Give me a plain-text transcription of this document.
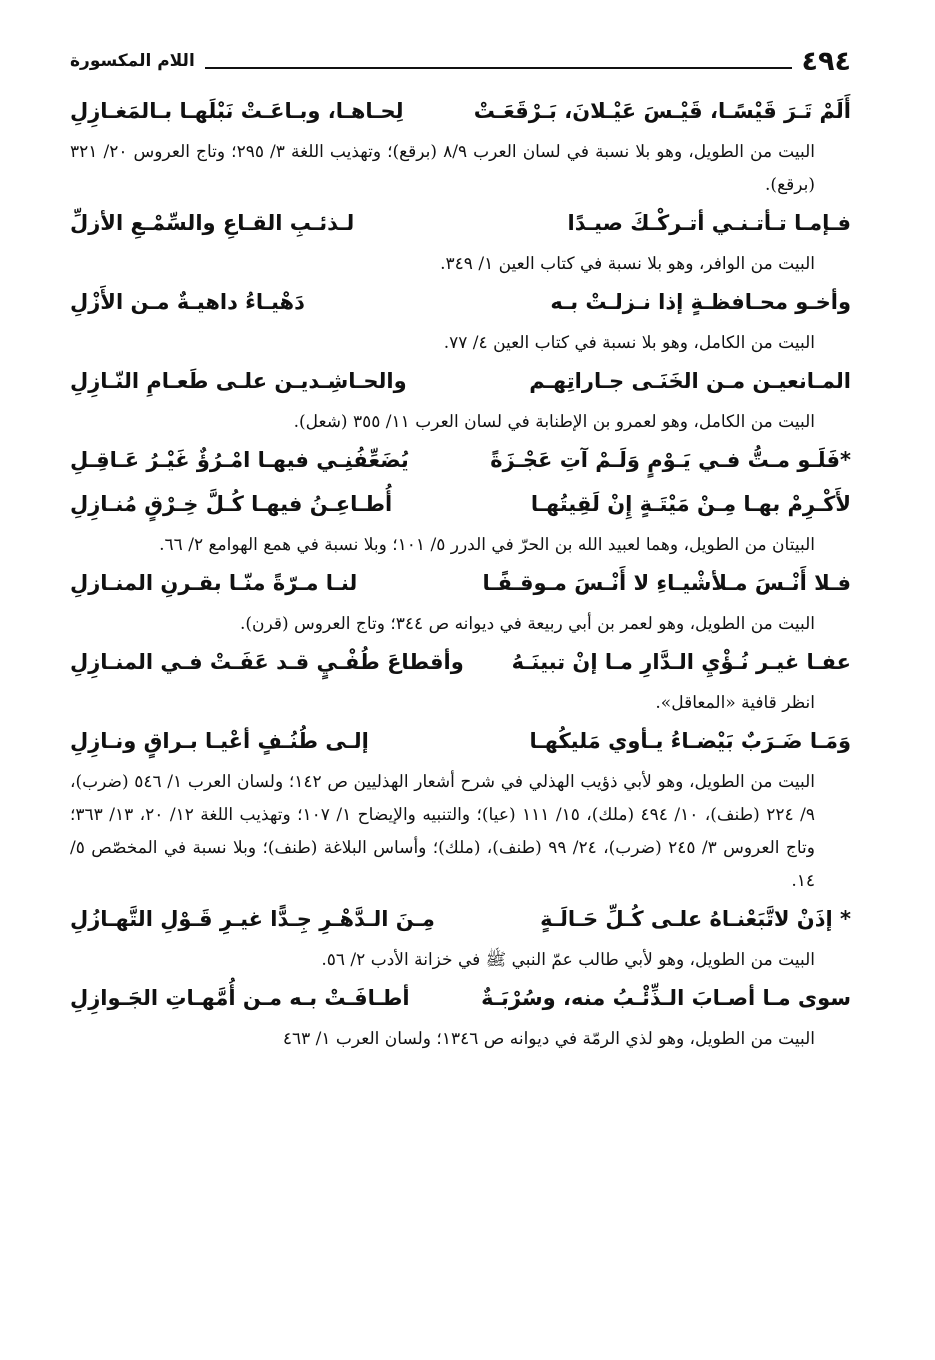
٤٩٤
اللام المكسورة
أَلَمْ تَـرَ قَيْسًـا، قَيْـسَ عَيْـلانَ، بَـرْقَعَـتْ
لِحـاهـا، وبـاعَـتْ نَبْلَهـا بـالمَغـازِلِ

البيت من الطويل، وهو بلا نسبة في لسان العرب ٨/٩ (برقع)؛ وتهذيب اللغة ٣/ ٢٩٥؛ وتاج العروس ٢٠/ ٣٢١ (برقع).

فـإمـا تـأتـنـي أتـركْـكَ صيـدًا
لـذئـبِ القـاعِ والسِّمْـعِ الأزلِّ

البيت من الوافر، وهو بلا نسبة في كتاب العين ١/ ٣٤٩.

وأخـو محـافظـةٍ إذا نـزلـتْ بـه
دَهْيـاءُ داهيـةٌ مـن الأَزْلِ

البيت من الكامل، وهو بلا نسبة في كتاب العين ٤/ ٧٧.

المـانعيـن مـن الخَنَـى جـاراتِهـم
والحـاشِـديـن علـى طَعـامِ النّـازِلِ

البيت من الكامل، وهو لعمرو بن الإطنابة في لسان العرب ١١/ ٣٥٥ (شعل).

*فَلَـو مـتُّ فـي يَـوْمٍ وَلَـمْ آتِ عَجْـزَةً
يُضَعِّفُنِـي فيهـا امْـرُؤٌ غَيْـرُ عَـاقِـلِ
لأَكْـرِمْ بهـا مِـنْ مَيْتَـةٍ إِنْ لَقِيتُهـا
أُطـاعِـنُ فيهـا كُـلَّ خِـرْقٍ مُنـازِلِ

البيتان من الطويل، وهما لعبيد الله بن الحرّ في الدرر ٥/ ١٠١؛ وبلا نسبة في همع الهوامع ٢/ ٦٦.

فـلا أَنْـسَ مـلأشْيـاءِ لا أَنْـسَ مـوقـفًـا
لنـا مـرّةً منّـا بقـرنِ المنـازلِ

البيت من الطويل، وهو لعمر بن أبي ربيعة في ديوانه ص ٣٤٤؛ وتاج العروس (قرن).

عفـا غيـر نُـؤْيِ الـدَّارِ مـا إنْ تبينَـهُ
وأقطاعَ طُفْـيٍ قـد عَفَـتْ فـي المنـازِلِ

انظر قافية «المعاقل».

وَمَـا ضَـرَبٌ بَيْضـاءُ يـأوي مَليكُهـا
إلـى طُنُـفٍ أعْيـا بـراقٍ ونـازِلِ

البيت من الطويل، وهو لأبي ذؤيب الهذلي في شرح أشعار الهذليين ص ١٤٢؛ ولسان العرب ١/ ٥٤٦ (ضرب)، ٩/ ٢٢٤ (طنف)، ١٠/ ٤٩٤ (ملك)، ١٥/ ١١١ (عيا)؛ والتنبيه والإيضاح ١/ ١٠٧؛ وتهذيب اللغة ١٢/ ٢٠، ١٣/ ٣٦٣؛ وتاج العروس ٣/ ٢٤٥ (ضرب)، ٢٤/ ٩٩ (طنف)، (ملك)؛ وأساس البلاغة (طنف)؛ وبلا نسبة في المخصّص ٥/ ١٤.

* إذَنْ لاتَّبَعْنـاهُ علـى كُـلِّ حَـالَـةٍ
مِـنَ الـدَّهْـرِ جِـدًّا غيـرِ قَـوْلِ التَّهـازُلِ

البيت من الطويل، وهو لأبي طالب عمّ النبي ﷺ في خزانة الأدب ٢/ ٥٦.

سوى مـا أصـابَ الـذِّئْـبُ منه، وسُرْبَـةٌ
أطـافَـتْ بـه مـن أُمَّهـاتِ الجَـوازِلِ

البيت من الطويل، وهو لذي الرمّة في ديوانه ص ١٣٤٦؛ ولسان العرب ١/ ٤٦٣
